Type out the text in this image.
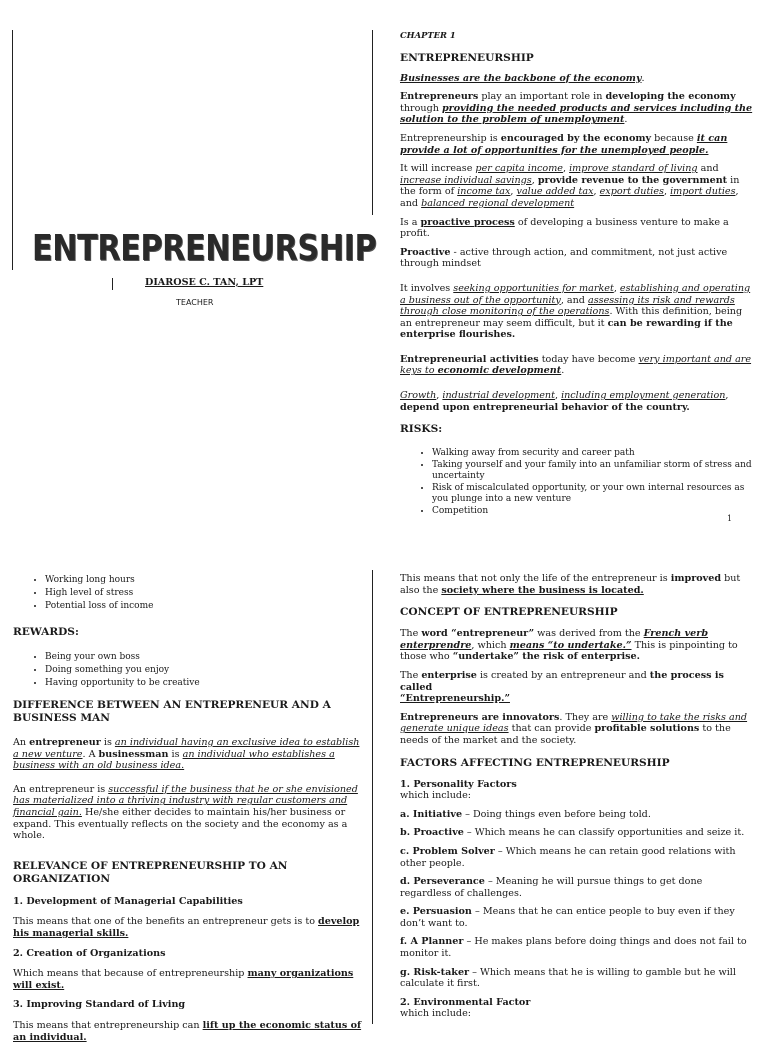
ENTREPRENEURSHIP
DIAROSE C. TAN, LPT
TEACHER
CHAPTER 1
ENTREPRENEURSHIP

Businesses are the backbone of the economy.

Entrepreneurs play an important role in developing the economy through providing the needed products and services including the solution to the problem of unemployment.

Entrepreneurship is encouraged by the economy because it can provide a lot of opportunities for the unemployed people.

It will increase per capita income, improve standard of living and increase individual savings, provide revenue to the government in the form of income tax, value added tax, export duties, import duties, and balanced regional development

Is a proactive process of developing a business venture to make a profit.

Proactive - active through action, and commitment, not just active through mindset

It involves seeking opportunities for market, establishing and operating a business out of the opportunity, and assessing its risk and rewards through close monitoring of the operations. With this definition, being an entrepreneur may seem difficult, but it can be rewarding if the enterprise flourishes.

Entrepreneurial activities today have become very important and are keys to economic development.

Growth, industrial development, including employment generation, depend upon entrepreneurial behavior of the country.

RISKS:
• Walking away from security and career path
• Taking yourself and your family into an unfamiliar storm of stress and uncertainty
• Risk of miscalculated opportunity, or your own internal resources as you plunge into a new venture
• Competition
1
• Working long hours
• High level of stress
• Potential loss of income
REWARDS:
• Being your own boss
• Doing something you enjoy
• Having opportunity to be creative
DIFFERENCE BETWEEN AN ENTREPRENEUR AND A BUSINESS MAN

An entrepreneur is an individual having an exclusive idea to establish a new venture. A businessman is an individual who establishes a business with an old business idea.

An entrepreneur is successful if the business that he or she envisioned has materialized into a thriving industry with regular customers and financial gain. He/she either decides to maintain his/her business or expand. This eventually reflects on the society and the economy as a whole.

RELEVANCE OF ENTREPRENEURSHIP TO AN ORGANIZATION

1. Development of Managerial Capabilities

This means that one of the benefits an entrepreneur gets is to develop his managerial skills.

2. Creation of Organizations

Which means that because of entrepreneurship many organizations will exist.

3. Improving Standard of Living

This means that entrepreneurship can lift up the economic status of an individual.

This means that not only the life of the entrepreneur is improved but also the society where the business is located.

CONCEPT OF ENTREPRENEURSHIP

The word “entrepreneur” was derived from the French verb enterprendre, which means “to undertake.” This is pinpointing to those who “undertake” the risk of enterprise.

The enterprise is created by an entrepreneur and the process is called
“Entrepreneurship.”

Entrepreneurs are innovators. They are willing to take the risks and generate unique ideas that can provide profitable solutions to the needs of the market and the society.

FACTORS AFFECTING ENTREPRENEURSHIP

1. Personality Factors
which include:

a. Initiative – Doing things even before being told.

b. Proactive – Which means he can classify opportunities and seize it.

c. Problem Solver – Which means he can retain good relations with other people.

d. Perseverance – Meaning he will pursue things to get done regardless of challenges.

e. Persuasion – Means that he can entice people to buy even if they don’t want to.

f. A Planner – He makes plans before doing things and does not fail to monitor it.

g. Risk-taker – Which means that he is willing to gamble but he will calculate it first.

2. Environmental Factor
which include:
